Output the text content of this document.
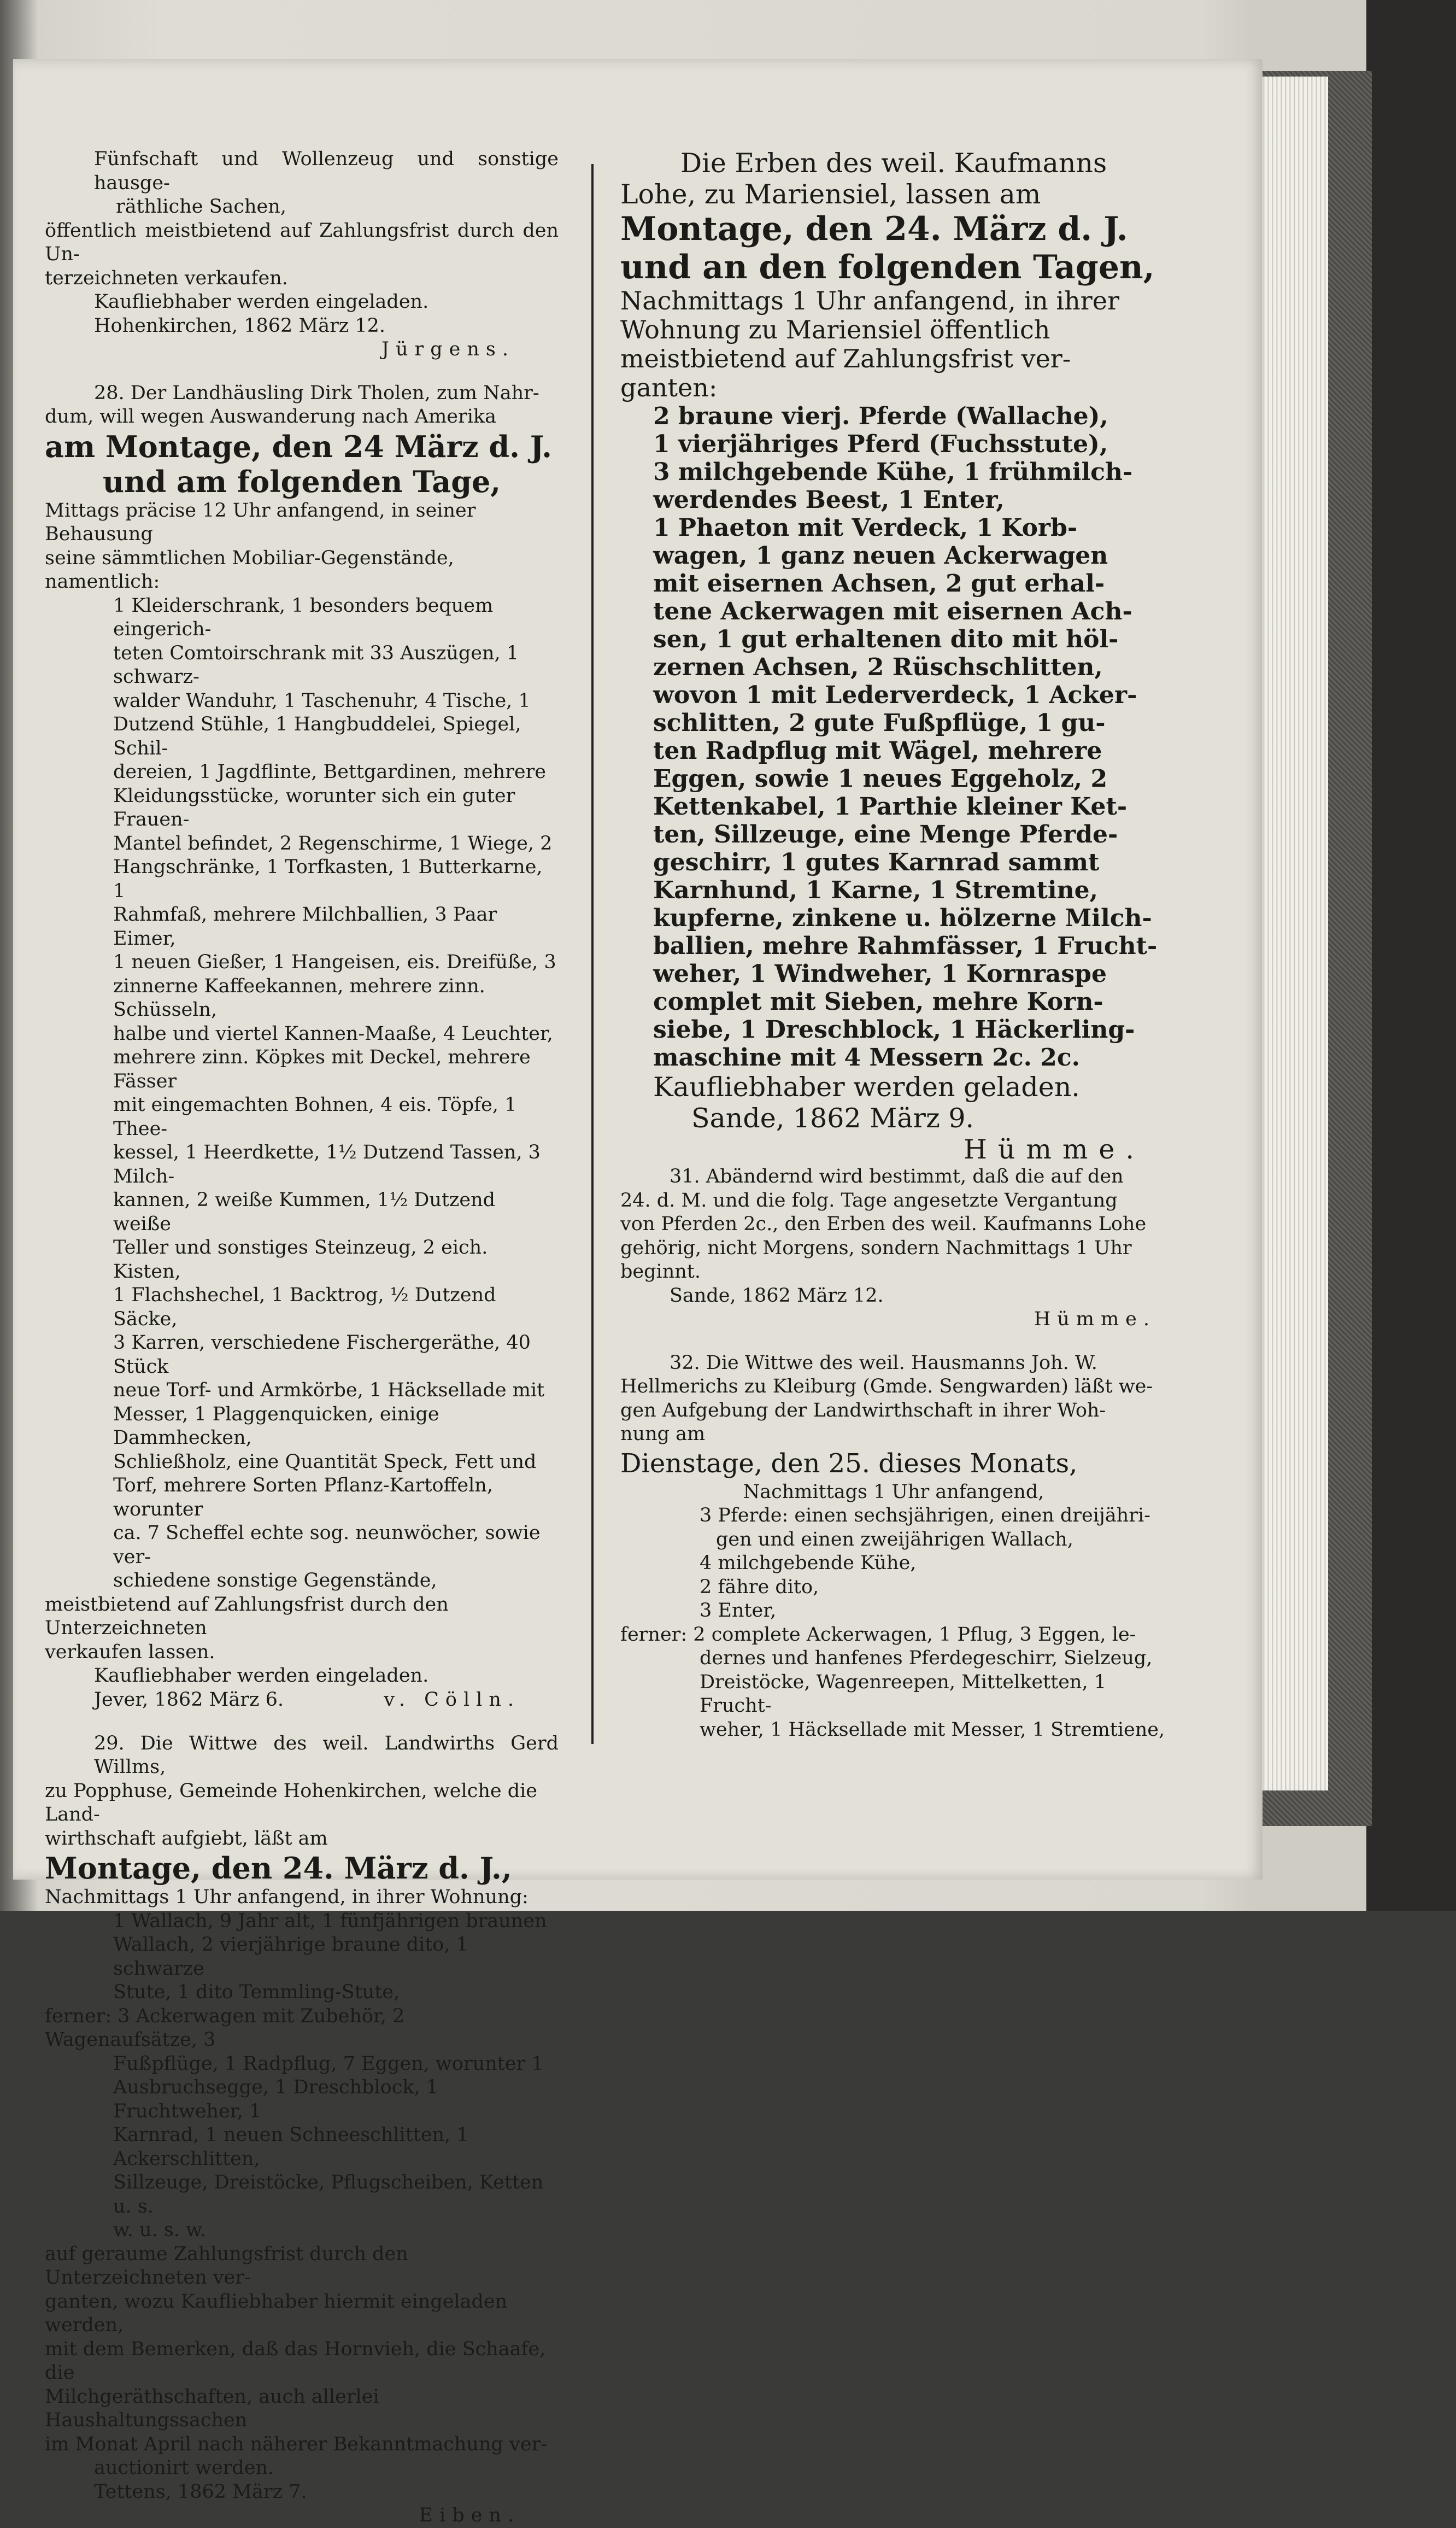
Fünfschaft und Wollenzeug und sonstige hausge-

räthliche Sachen,

öffentlich meistbietend auf Zahlungsfrist durch den Un-

terzeichneten verkaufen.

Kaufliebhaber werden eingeladen.

Hohenkirchen, 1862 März 12.

Jürgens.

28. Der Landhäusling Dirk Tholen, zum Nahr-

dum, will wegen Auswanderung nach Amerika

am Montage, den 24 März d. J.

und am folgenden Tage,

Mittags präcise 12 Uhr anfangend, in seiner Behausung

seine sämmtlichen Mobiliar-Gegenstände, namentlich:

1 Kleiderschrank, 1 besonders bequem eingerich-

teten Comtoirschrank mit 33 Auszügen, 1 schwarz-

walder Wanduhr, 1 Taschenuhr, 4 Tische, 1

Dutzend Stühle, 1 Hangbuddelei, Spiegel, Schil-

dereien, 1 Jagdflinte, Bettgardinen, mehrere

Kleidungsstücke, worunter sich ein guter Frauen-

Mantel befindet, 2 Regenschirme, 1 Wiege, 2

Hangschränke, 1 Torfkasten, 1 Butterkarne, 1

Rahmfaß, mehrere Milchballien, 3 Paar Eimer,

1 neuen Gießer, 1 Hangeisen, eis. Dreifüße, 3

zinnerne Kaffeekannen, mehrere zinn. Schüsseln,

halbe und viertel Kannen-Maaße, 4 Leuchter,

mehrere zinn. Köpkes mit Deckel, mehrere Fässer

mit eingemachten Bohnen, 4 eis. Töpfe, 1 Thee-

kessel, 1 Heerdkette, 1½ Dutzend Tassen, 3 Milch-

kannen, 2 weiße Kummen, 1½ Dutzend weiße

Teller und sonstiges Steinzeug, 2 eich. Kisten,

1 Flachshechel, 1 Backtrog, ½ Dutzend Säcke,

3 Karren, verschiedene Fischergeräthe, 40 Stück

neue Torf- und Armkörbe, 1 Häcksellade mit

Messer, 1 Plaggenquicken, einige Dammhecken,

Schließholz, eine Quantität Speck, Fett und

Torf, mehrere Sorten Pflanz-Kartoffeln, worunter

ca. 7 Scheffel echte sog. neunwöcher, sowie ver-

schiedene sonstige Gegenstände,

meistbietend auf Zahlungsfrist durch den Unterzeichneten

verkaufen lassen.

Kaufliebhaber werden eingeladen.

Jever, 1862 März 6.	v. Cölln.

29. Die Wittwe des weil. Landwirths Gerd Willms,

zu Popphuse, Gemeinde Hohenkirchen, welche die Land-

wirthschaft aufgiebt, läßt am

Montage, den 24. März d. J.,

Nachmittags 1 Uhr anfangend, in ihrer Wohnung:

1 Wallach, 9 Jahr alt, 1 fünfjährigen braunen

Wallach, 2 vierjährige braune dito, 1 schwarze

Stute, 1 dito Temmling-Stute,

ferner: 3 Ackerwagen mit Zubehör, 2 Wagenaufsätze, 3

Fußpflüge, 1 Radpflug, 7 Eggen, worunter 1

Ausbruchsegge, 1 Dreschblock, 1 Fruchtweher, 1

Karnrad, 1 neuen Schneeschlitten, 1 Ackerschlitten,

Sillzeuge, Dreistöcke, Pflugscheiben, Ketten u. s.

w. u. s. w.

auf geraume Zahlungsfrist durch den Unterzeichneten ver-

ganten, wozu Kaufliebhaber hiermit eingeladen werden,

mit dem Bemerken, daß das Hornvieh, die Schaafe, die

Milchgeräthschaften, auch allerlei Haushaltungssachen

im Monat April nach näherer Bekanntmachung ver-

auctionirt werden.

Tettens, 1862 März 7.

Eiben.

Die Erben des weil. Kaufmanns

Lohe, zu Mariensiel, lassen am

Montage, den 24. März d. J.

und an den folgenden Tagen,

Nachmittags 1 Uhr anfangend, in ihrer

Wohnung zu Mariensiel öffentlich

meistbietend auf Zahlungsfrist ver-

ganten:

2 braune vierj. Pferde (Wallache),

1 vierjähriges Pferd (Fuchsstute),

3 milchgebende Kühe, 1 frühmilch-

werdendes Beest, 1 Enter,

1 Phaeton mit Verdeck, 1 Korb-

wagen, 1 ganz neuen Ackerwagen

mit eisernen Achsen, 2 gut erhal-

tene Ackerwagen mit eisernen Ach-

sen, 1 gut erhaltenen dito mit höl-

zernen Achsen, 2 Rüschschlitten,

wovon 1 mit Lederverdeck, 1 Acker-

schlitten, 2 gute Fußpflüge, 1 gu-

ten Radpflug mit Wägel, mehrere

Eggen, sowie 1 neues Eggeholz, 2

Kettenkabel, 1 Parthie kleiner Ket-

ten, Sillzeuge, eine Menge Pferde-

geschirr, 1 gutes Karnrad sammt

Karnhund, 1 Karne, 1 Stremtine,

kupferne, zinkene u. hölzerne Milch-

ballien, mehre Rahmfässer, 1 Frucht-

weher, 1 Windweher, 1 Kornraspe

complet mit Sieben, mehre Korn-

siebe, 1 Dreschblock, 1 Häckerling-

maschine mit 4 Messern 2c. 2c.

Kaufliebhaber werden geladen.

Sande, 1862 März 9.

Hümme.

31. Abändernd wird bestimmt, daß die auf den

24. d. M. und die folg. Tage angesetzte Vergantung

von Pferden 2c., den Erben des weil. Kaufmanns Lohe

gehörig, nicht Morgens, sondern Nachmittags 1 Uhr

beginnt.

Sande, 1862 März 12.

Hümme.

32. Die Wittwe des weil. Hausmanns Joh. W.

Hellmerichs zu Kleiburg (Gmde. Sengwarden) läßt we-

gen Aufgebung der Landwirthschaft in ihrer Woh-

nung am

Dienstage, den 25. dieses Monats,

Nachmittags 1 Uhr anfangend,

3 Pferde: einen sechsjährigen, einen dreijähri-

gen und einen zweijährigen Wallach,

4 milchgebende Kühe,

2 fähre dito,

3 Enter,

ferner: 2 complete Ackerwagen, 1 Pflug, 3 Eggen, le-

dernes und hanfenes Pferdegeschirr, Sielzeug,

Dreistöcke, Wagenreepen, Mittelketten, 1 Frucht-

weher, 1 Häcksellade mit Messer, 1 Stremtiene,
